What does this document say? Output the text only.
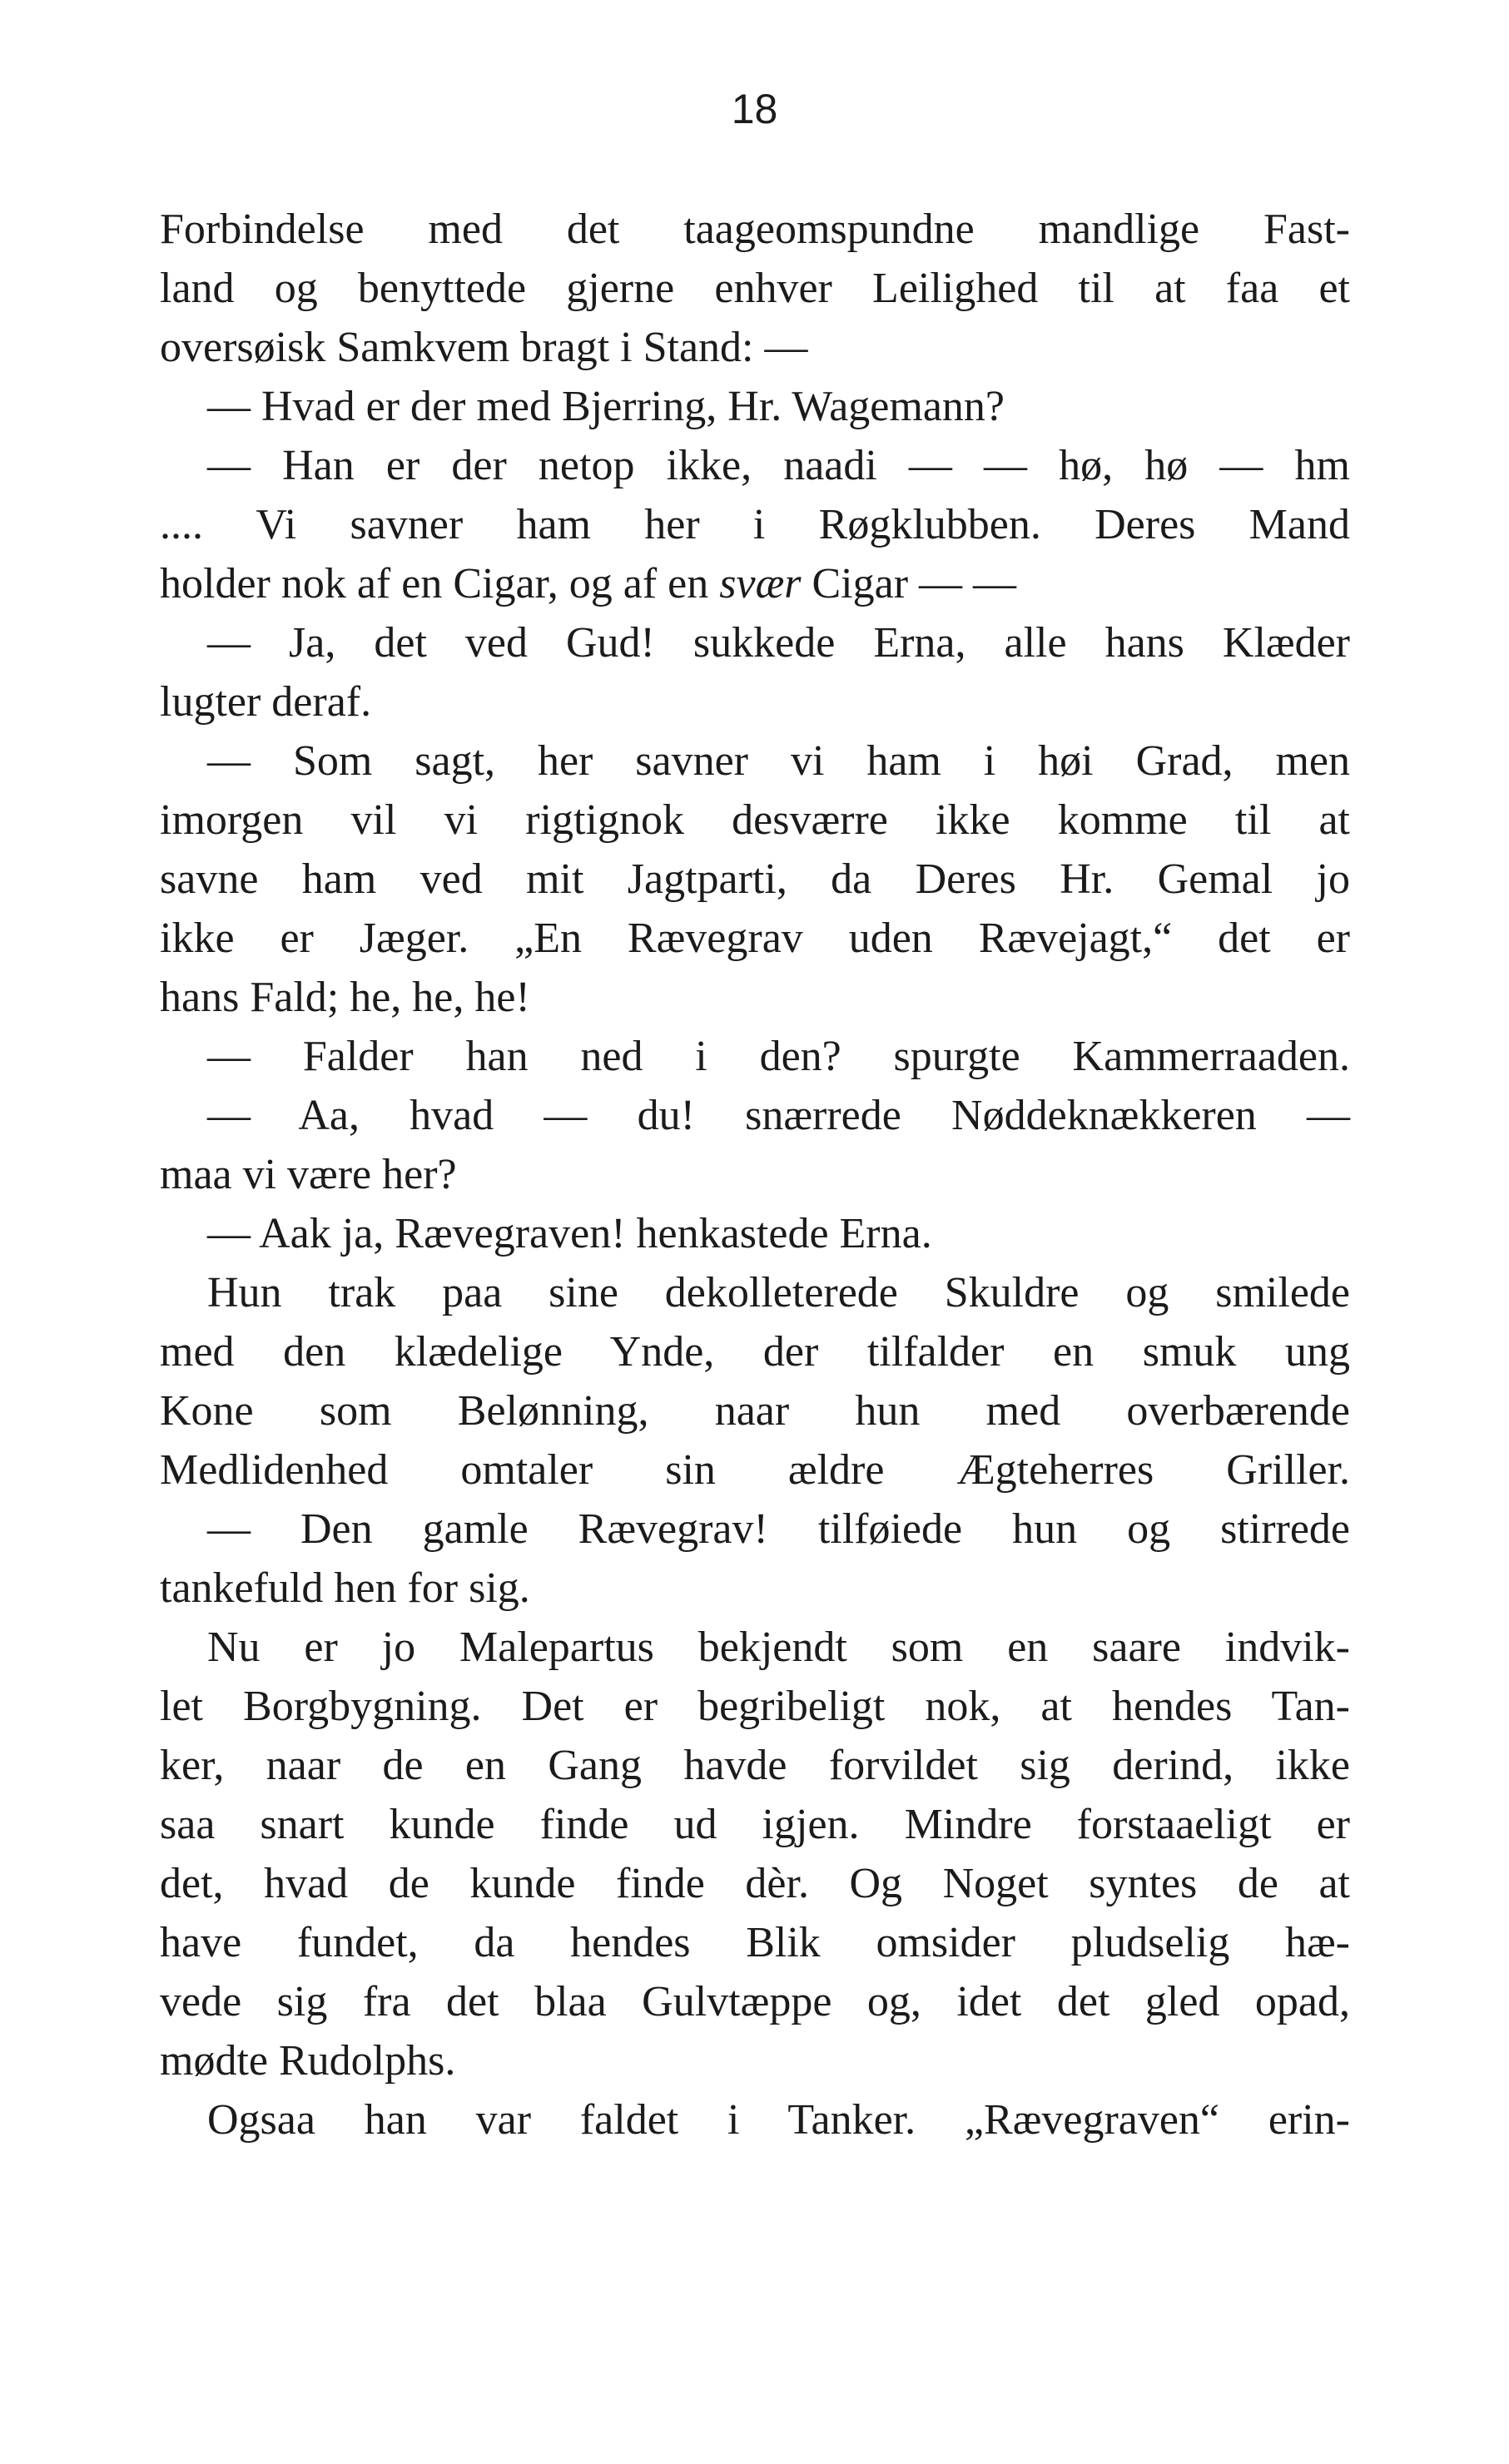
18
Forbindelse med det taageomspundne mandlige Fast-
land og benyttede gjerne enhver Leilighed til at faa et
oversøisk Samkvem bragt i Stand: —
— Hvad er der med Bjerring, Hr. Wagemann?
— Han er der netop ikke, naadi — — hø, hø — hm
.... Vi savner ham her i Røgklubben. Deres Mand
holder nok af en Cigar, og af en svær Cigar — —
— Ja, det ved Gud! sukkede Erna, alle hans Klæder
lugter deraf.
— Som sagt, her savner vi ham i høi Grad, men
imorgen vil vi rigtignok desværre ikke komme til at
savne ham ved mit Jagtparti, da Deres Hr. Gemal jo
ikke er Jæger. „En Rævegrav uden Rævejagt,“ det er
hans Fald; he, he, he!
— Falder han ned i den? spurgte Kammerraaden.
— Aa, hvad — du! snærrede Nøddeknækkeren —
maa vi være her?
— Aak ja, Rævegraven! henkastede Erna.
Hun trak paa sine dekolleterede Skuldre og smilede
med den klædelige Ynde, der tilfalder en smuk ung
Kone som Belønning, naar hun med overbærende
Medlidenhed omtaler sin ældre Ægteherres Griller.
— Den gamle Rævegrav! tilføiede hun og stirrede
tankefuld hen for sig.
Nu er jo Malepartus bekjendt som en saare indvik-
let Borgbygning. Det er begribeligt nok, at hendes Tan-
ker, naar de en Gang havde forvildet sig derind, ikke
saa snart kunde finde ud igjen. Mindre forstaaeligt er
det, hvad de kunde finde dèr. Og Noget syntes de at
have fundet, da hendes Blik omsider pludselig hæ-
vede sig fra det blaa Gulvtæppe og, idet det gled opad,
mødte Rudolphs.
Ogsaa han var faldet i Tanker. „Rævegraven“ erin-
